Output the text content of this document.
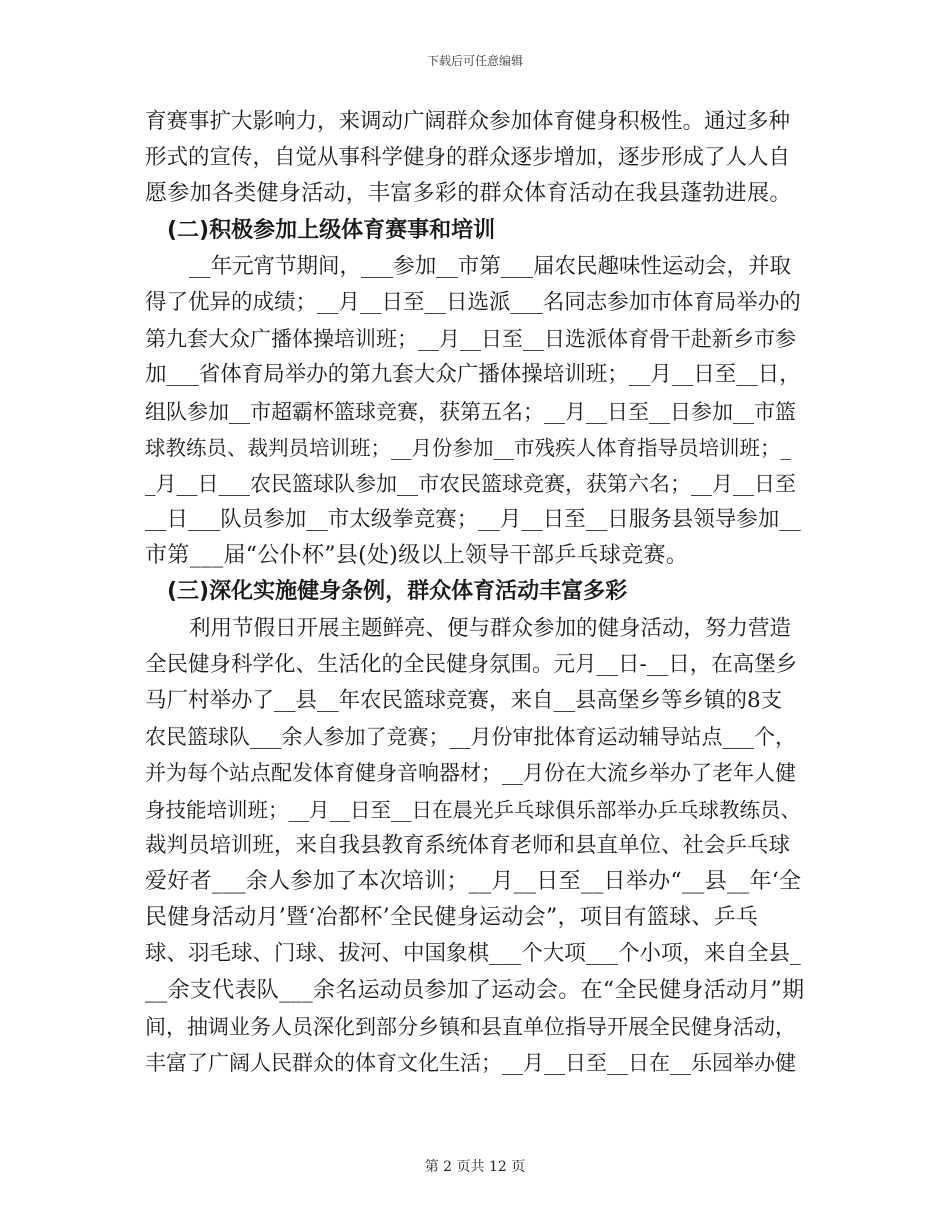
下载后可任意编辑
育赛事扩大影响力，来调动广阔群众参加体育健身积极性。通过多种
形式的宣传，自觉从事科学健身的群众逐步增加，逐步形成了人人自
愿参加各类健身活动，丰富多彩的群众体育活动在我县蓬勃进展。
(二)积极参加上级体育赛事和培训
__年元宵节期间，___参加__市第___届农民趣味性运动会，并取
得了优异的成绩；__月__日至__日选派___名同志参加市体育局举办的
第九套大众广播体操培训班；__月__日至__日选派体育骨干赴新乡市参
加___省体育局举办的第九套大众广播体操培训班；__月__日至__日，
组队参加__市超霸杯篮球竞赛，获第五名；__月__日至__日参加__市篮
球教练员、裁判员培训班；__月份参加__市残疾人体育指导员培训班；_
_月__日___农民篮球队参加__市农民篮球竞赛，获第六名；__月__日至
__日___队员参加__市太级拳竞赛；__月__日至__日服务县领导参加__
市第___届“公仆杯”县(处)级以上领导干部乒乓球竞赛。
(三)深化实施健身条例，群众体育活动丰富多彩
利用节假日开展主题鲜亮、便与群众参加的健身活动，努力营造
全民健身科学化、生活化的全民健身氛围。元月__日-__日，在高堡乡
马厂村举办了__县__年农民篮球竞赛，来自__县高堡乡等乡镇的8支
农民篮球队___余人参加了竞赛；__月份审批体育运动辅导站点___个，
并为每个站点配发体育健身音响器材；__月份在大流乡举办了老年人健
身技能培训班；__月__日至__日在晨光乒乓球俱乐部举办乒乓球教练员、
裁判员培训班，来自我县教育系统体育老师和县直单位、社会乒乓球
爱好者___余人参加了本次培训；__月__日至__日举办“__县__年‘全
民健身活动月’暨‘冶都杯’全民健身运动会”，项目有篮球、乒乓
球、羽毛球、门球、拔河、中国象棋___个大项___个小项，来自全县_
__余支代表队___余名运动员参加了运动会。在“全民健身活动月”期
间，抽调业务人员深化到部分乡镇和县直单位指导开展全民健身活动，
丰富了广阔人民群众的体育文化生活；__月__日至__日在__乐园举办健
第 2 页共 12 页
